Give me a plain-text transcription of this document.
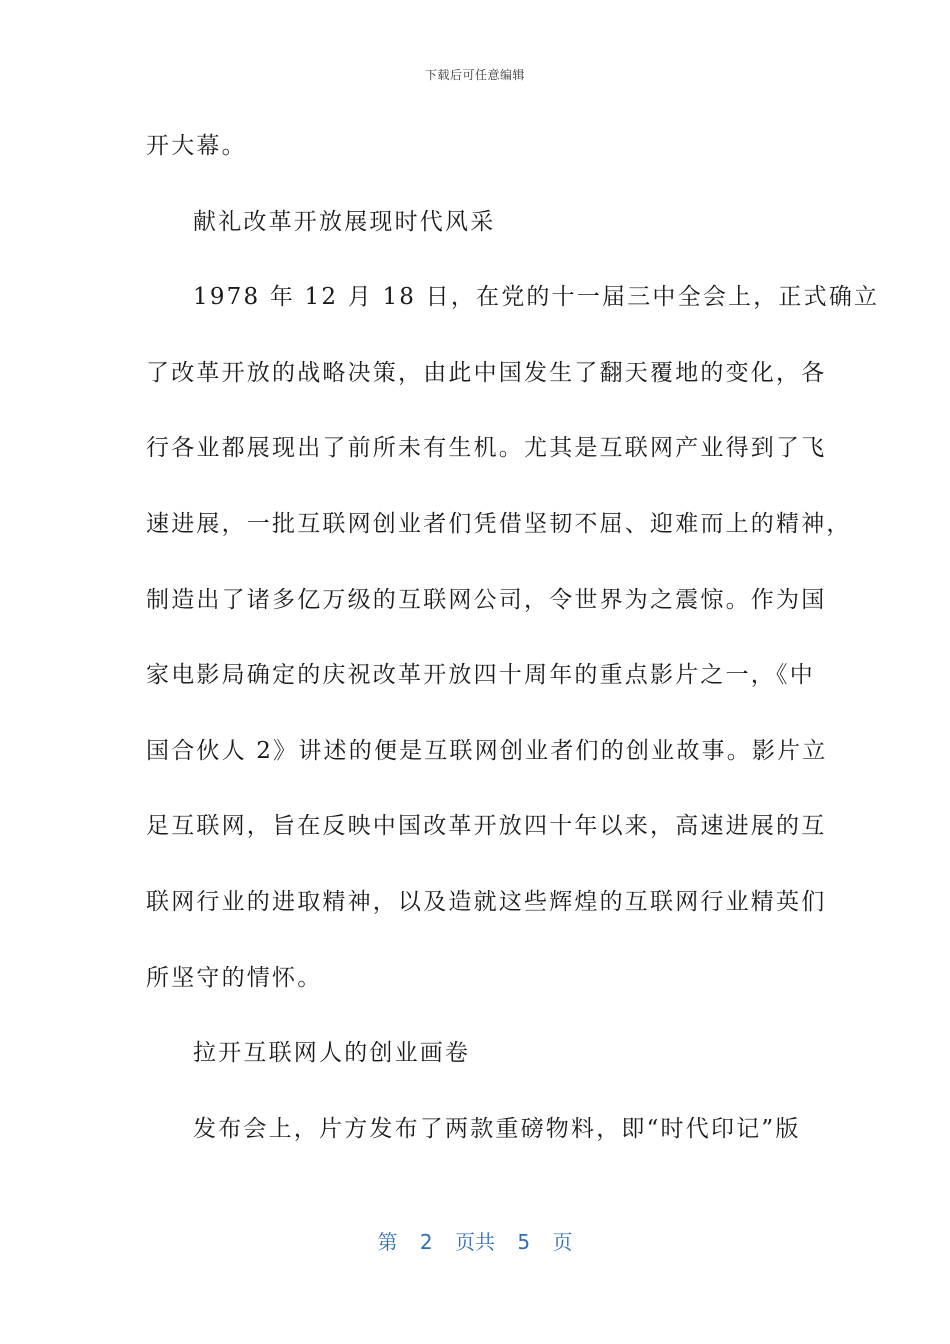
下载后可任意编辑
开大幕。
献礼改革开放展现时代风采
1978 年 12 月 18 日，在党的十一届三中全会上，正式确立
了改革开放的战略决策，由此中国发生了翻天覆地的变化，各
行各业都展现出了前所未有生机。尤其是互联网产业得到了飞
速进展，一批互联网创业者们凭借坚韧不屈、迎难而上的精神，
制造出了诸多亿万级的互联网公司，令世界为之震惊。作为国
家电影局确定的庆祝改革开放四十周年的重点影片之一，《中
国合伙人 2》讲述的便是互联网创业者们的创业故事。影片立
足互联网，旨在反映中国改革开放四十年以来，高速进展的互
联网行业的进取精神，以及造就这些辉煌的互联网行业精英们
所坚守的情怀。
拉开互联网人的创业画卷
发布会上，片方发布了两款重磅物料，即“时代印记”版
第 2 页共 5 页
